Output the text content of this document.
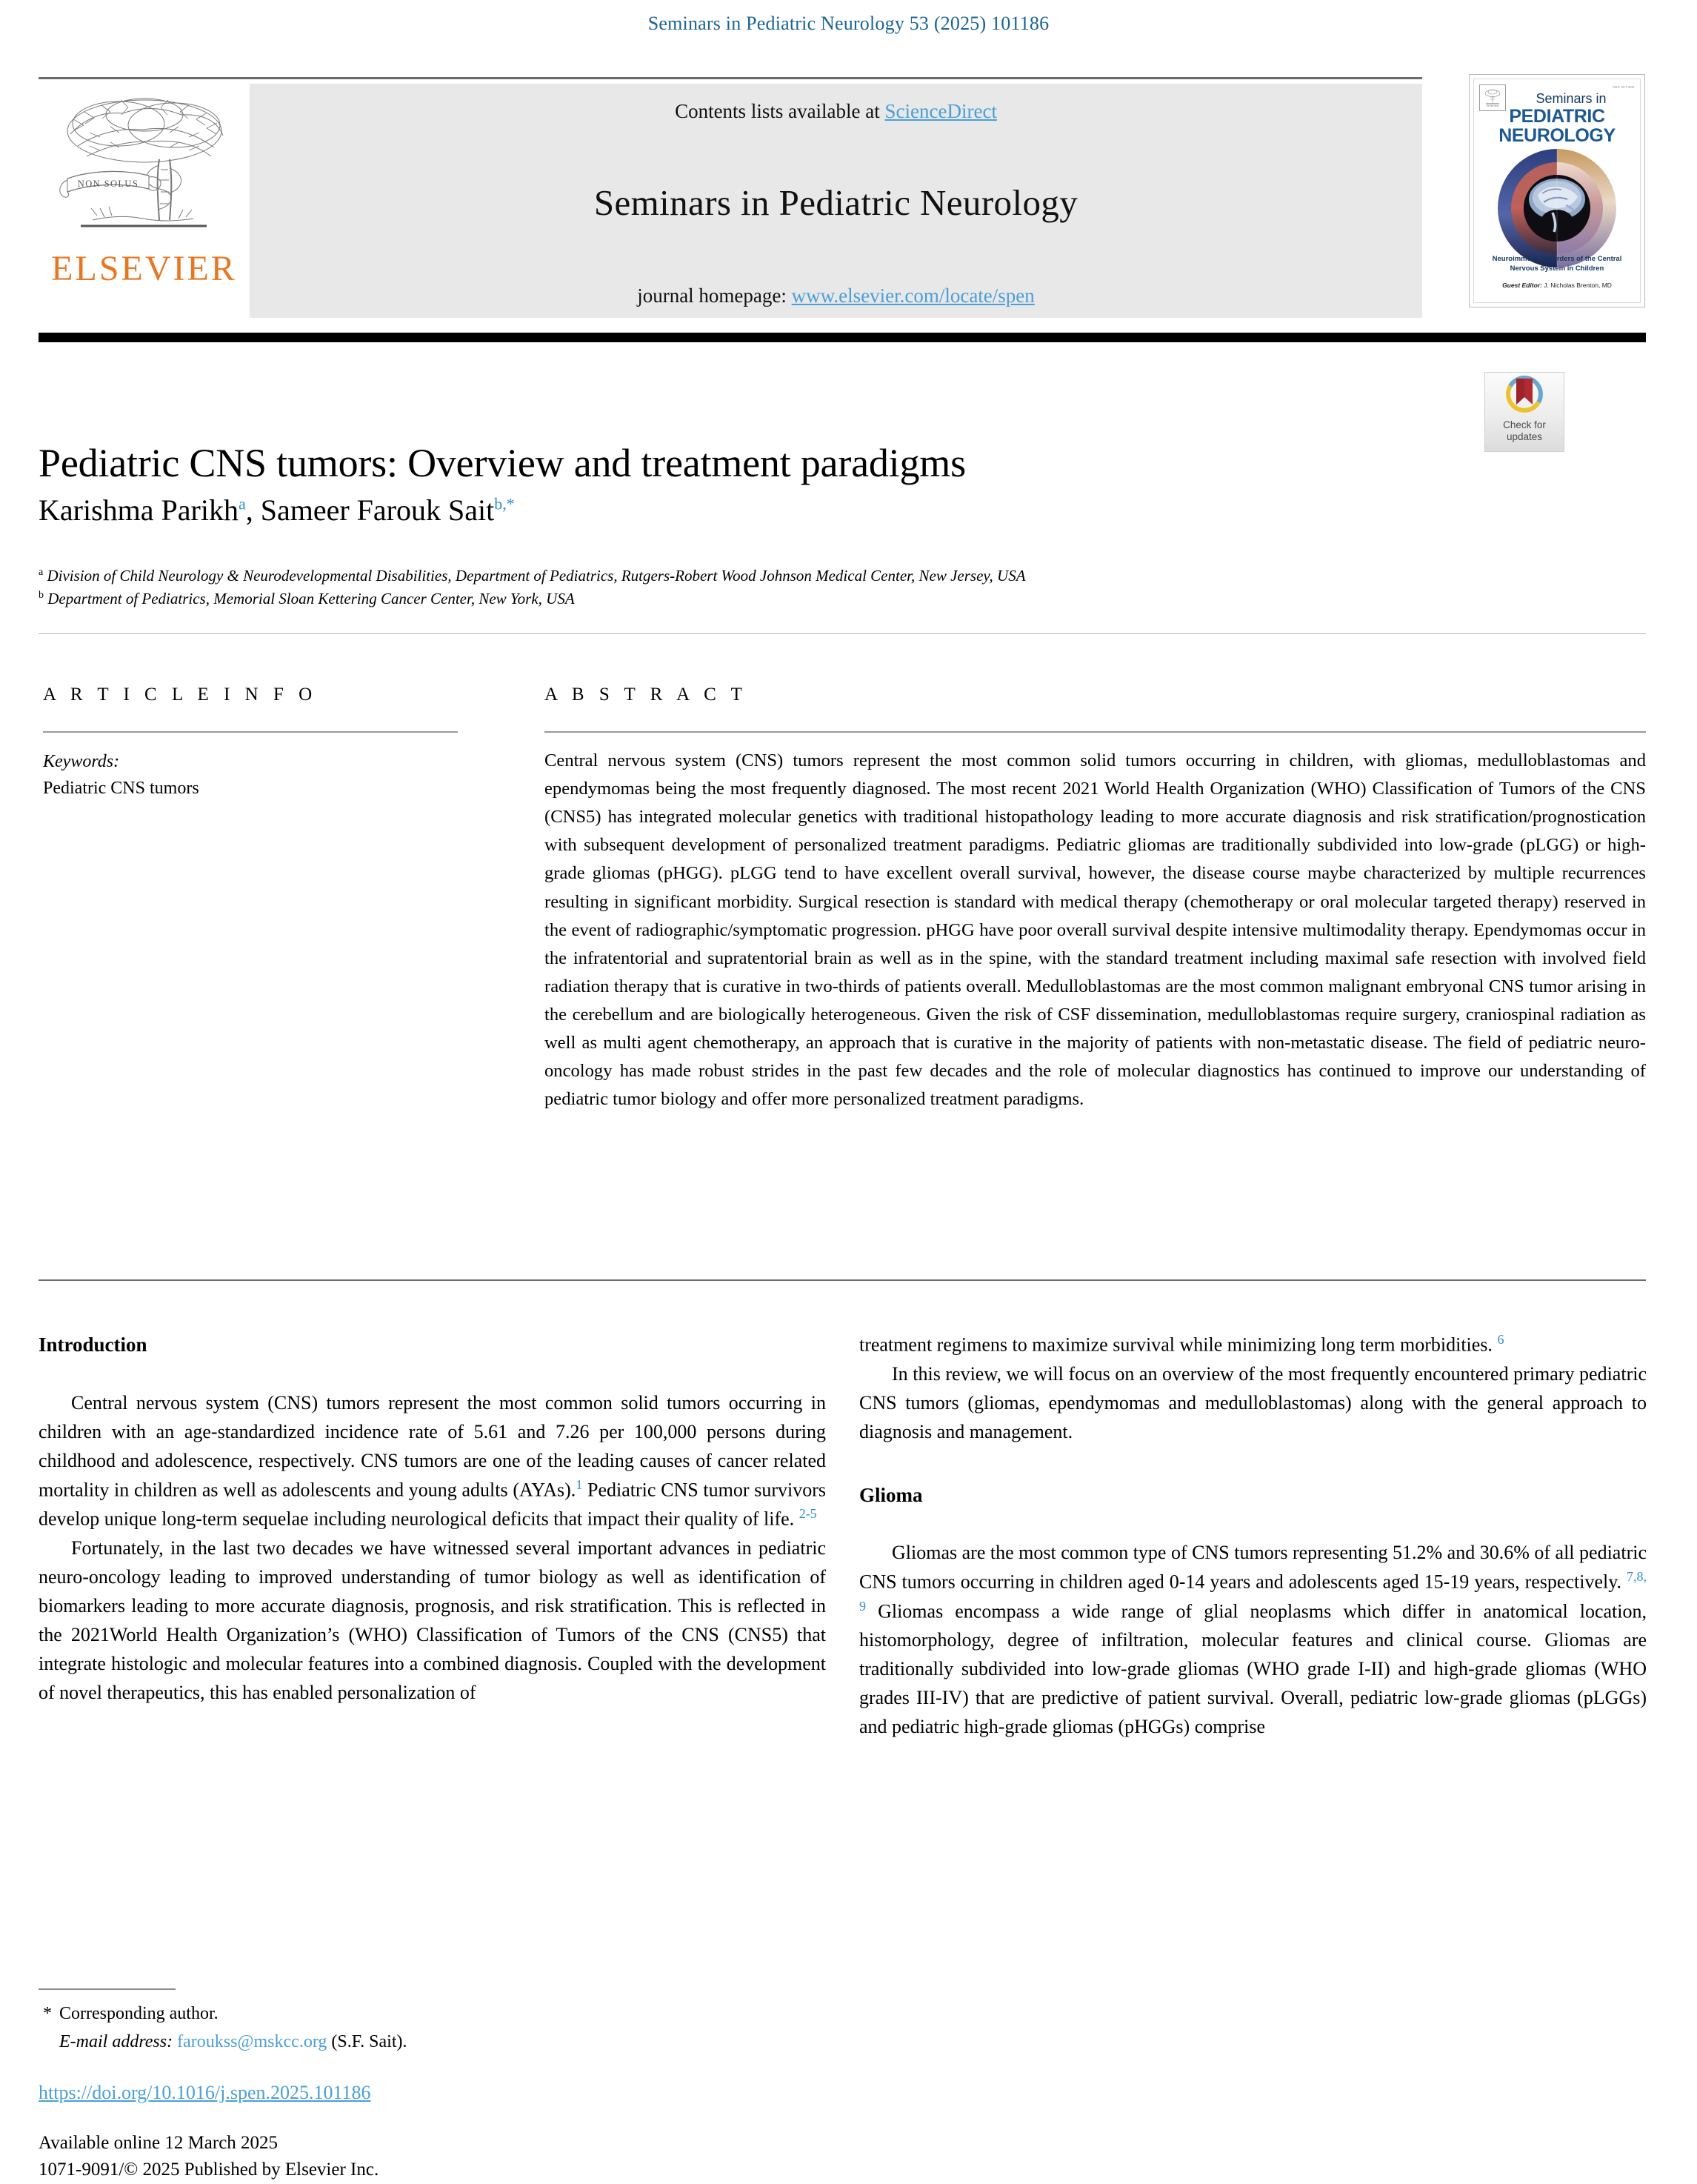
Seminars in Pediatric Neurology 53 (2025) 101186
NON SOLUS
ELSEVIER
Contents lists available at ScienceDirect
Seminars in Pediatric Neurology
journal homepage: www.elsevier.com/locate/spen
ELSEVIER
ISSN 1071-9091
Seminars in
PEDIATRIC
NEUROLOGY
Neuroimmune Disorders of the Central
Nervous System in Children
Guest Editor: J. Nicholas Brenton, MD
Check for
updates
Pediatric CNS tumors: Overview and treatment paradigms
Karishma Parikh$^a$, Sameer Farouk Sait$^{b,*}$
$^a$ Division of Child Neurology & Neurodevelopmental Disabilities, Department of Pediatrics, Rutgers-Robert Wood Johnson Medical Center, New Jersey, USA
$^b$ Department of Pediatrics, Memorial Sloan Kettering Cancer Center, New York, USA
A R T I C L E I N F O	A B S T R A C T
Keywords:
Pediatric CNS tumors
Central nervous system (CNS) tumors represent the most common solid tumors occurring in children, with gliomas, medulloblastomas and ependymomas being the most frequently diagnosed. The most recent 2021 World Health Organization (WHO) Classification of Tumors of the CNS (CNS5) has integrated molecular genetics with traditional histopathology leading to more accurate diagnosis and risk stratification/prognostication with subsequent development of personalized treatment paradigms. Pediatric gliomas are traditionally subdivided into low-grade (pLGG) or high-grade gliomas (pHGG). pLGG tend to have excellent overall survival, however, the disease course maybe characterized by multiple recurrences resulting in significant morbidity. Surgical resection is standard with medical therapy (chemotherapy or oral molecular targeted therapy) reserved in the event of radiographic/symptomatic progression. pHGG have poor overall survival despite intensive multimodality therapy. Ependymomas occur in the infratentorial and supratentorial brain as well as in the spine, with the standard treatment including maximal safe resection with involved field radiation therapy that is curative in two-thirds of patients overall. Medulloblastomas are the most common malignant embryonal CNS tumor arising in the cerebellum and are biologically heterogeneous. Given the risk of CSF dissemination, medulloblastomas require surgery, craniospinal radiation as well as multi agent chemotherapy, an approach that is curative in the majority of patients with non-metastatic disease. The field of pediatric neuro-oncology has made robust strides in the past few decades and the role of molecular diagnostics has continued to improve our understanding of pediatric tumor biology and offer more personalized treatment paradigms.
Introduction

Central nervous system (CNS) tumors represent the most common solid tumors occurring in children with an age-standardized incidence rate of 5.61 and 7.26 per 100,000 persons during childhood and adolescence, respectively. CNS tumors are one of the leading causes of cancer related mortality in children as well as adolescents and young adults (AYAs).$^1$ Pediatric CNS tumor survivors develop unique long-term sequelae including neurological deficits that impact their quality of life. $^{2-5}$

Fortunately, in the last two decades we have witnessed several important advances in pediatric neuro-oncology leading to improved understanding of tumor biology as well as identification of biomarkers leading to more accurate diagnosis, prognosis, and risk stratification. This is reflected in the 2021World Health Organization’s (WHO) Classification of Tumors of the CNS (CNS5) that integrate histologic and molecular features into a combined diagnosis. Coupled with the development of novel therapeutics, this has enabled personalization of

treatment regimens to maximize survival while minimizing long term morbidities. $^6$

In this review, we will focus on an overview of the most frequently encountered primary pediatric CNS tumors (gliomas, ependymomas and medulloblastomas) along with the general approach to diagnosis and management.

Glioma

Gliomas are the most common type of CNS tumors representing 51.2% and 30.6% of all pediatric CNS tumors occurring in children aged 0-14 years and adolescents aged 15-19 years, respectively. $^{7,8, 9}$ Gliomas encompass a wide range of glial neoplasms which differ in anatomical location, histomorphology, degree of infiltration, molecular features and clinical course. Gliomas are traditionally subdivided into low-grade gliomas (WHO grade I-II) and high-grade gliomas (WHO grades III-IV) that are predictive of patient survival. Overall, pediatric low-grade gliomas (pLGGs) and pediatric high-grade gliomas (pHGGs) comprise

* Corresponding author.
E-mail address: faroukss@mskcc.org (S.F. Sait).
https://doi.org/10.1016/j.spen.2025.101186
Available online 12 March 2025
1071-9091/© 2025 Published by Elsevier Inc.
